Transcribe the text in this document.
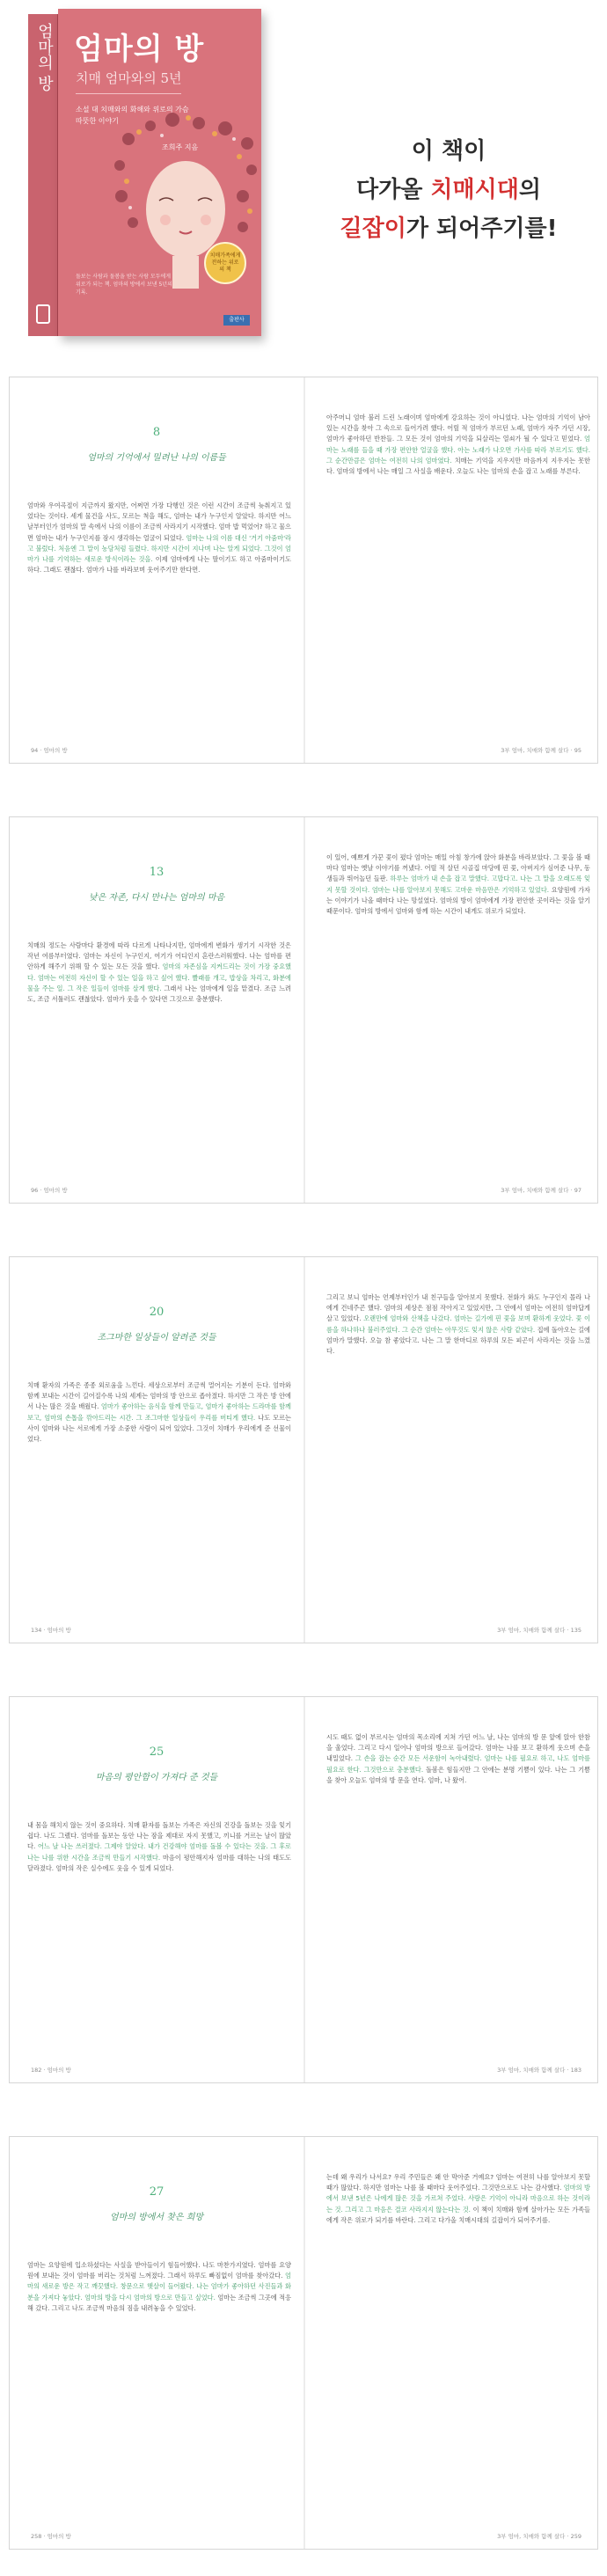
엄마의 방 엄마의 방
치매 엄마와의 5년
소설 대 치매와의 화해와 위로의 가슴 따뜻한 이야기
조희주 지음
돌보는 사람과 돌봄을 받는 사람 모두에게 위로가 되는 책. 엄마의 방에서 보낸 5년의 기록.
치매가족에게 전하는 위로의 책
출판사
이 책이
다가올 치매시대의
길잡이가 되어주기를!
8
엄마의 기억에서 밀려난 나의 이름들
엄마와 우여곡절이 지금까지 왔지만, 어쩌면 가장 다행인 것은 이런 시간이 조금씩 늦춰지고 있었다는 것이다. 세게 물건을 사도, 모르는 척을 해도, 엄마는 내가 누구인지 알았다. 하지만 어느 날부터인가 엄마의 말 속에서 나의 이름이 조금씩 사라지기 시작했다. 엄마 밥 먹었어? 하고 물으면 엄마는 내가 누구인지를 잠시 생각하는 얼굴이 되었다. 엄마는 나의 이름 대신 '거기 아줌마'라고 불렀다. 처음엔 그 말이 농담처럼 들렸다. 하지만 시간이 지나며 나는 알게 되었다. 그것이 엄마가 나를 기억하는 새로운 방식이라는 것을. 이제 엄마에게 나는 딸이기도 하고 아줌마이기도 하다. 그래도 괜찮다. 엄마가 나를 바라보며 웃어주기만 한다면.
94 · 엄마의 방
아주머니 엄마 불러 드린 노래이며 엄마에게 강요하는 것이 아니었다. 나는 엄마의 기억이 남아 있는 시간을 찾아 그 속으로 들어가려 했다. 어릴 적 엄마가 부르던 노래, 엄마가 자주 가던 시장, 엄마가 좋아하던 반찬들. 그 모든 것이 엄마의 기억을 되살리는 열쇠가 될 수 있다고 믿었다. 엄마는 노래를 들을 때 가장 편안한 얼굴을 했다. 아는 노래가 나오면 가사를 따라 부르기도 했다. 그 순간만큼은 엄마는 여전히 나의 엄마였다. 치매는 기억을 지우지만 마음까지 지우지는 못한다. 엄마의 방에서 나는 매일 그 사실을 배운다. 오늘도 나는 엄마의 손을 잡고 노래를 부른다.
3부 엄마, 치매와 함께 살다 · 95
13
낮은 자존, 다시 만나는 엄마의 마음
치매의 정도는 사람마다 환경에 따라 다르게 나타나지만, 엄마에게 변화가 생기기 시작한 것은 작년 여름부터였다. 엄마는 자신이 누구인지, 여기가 어디인지 혼란스러워했다. 나는 엄마를 편안하게 해주기 위해 할 수 있는 모든 것을 했다. 엄마의 자존심을 지켜드리는 것이 가장 중요했다. 엄마는 여전히 자신이 할 수 있는 일을 하고 싶어 했다. 빨래를 개고, 밥상을 차리고, 화분에 물을 주는 일. 그 작은 일들이 엄마를 살게 했다. 그래서 나는 엄마에게 일을 맡겼다. 조금 느려도, 조금 서툴러도 괜찮았다. 엄마가 웃을 수 있다면 그것으로 충분했다.
96 · 엄마의 방
이 있어, 예쁘게 가꾼 꽃이 폈다 엄마는 매일 아침 창가에 앉아 화분을 바라보았다. 그 꽃을 볼 때마다 엄마는 옛날 이야기를 꺼냈다. 어릴 적 살던 시골집 마당에 핀 꽃, 아버지가 심어준 나무, 동생들과 뛰어놀던 들판. 하루는 엄마가 내 손을 잡고 말했다. 고맙다고. 나는 그 말을 오래도록 잊지 못할 것이다. 엄마는 나를 알아보지 못해도 고마운 마음만은 기억하고 있었다. 요양원에 가자는 이야기가 나올 때마다 나는 망설였다. 엄마의 방이 엄마에게 가장 편안한 곳이라는 것을 알기 때문이다. 엄마의 방에서 엄마와 함께 하는 시간이 내게도 위로가 되었다.
3부 엄마, 치매와 함께 살다 · 97
20
조그마한 일상들이 알려준 것들
치매 환자의 가족은 종종 외로움을 느낀다. 세상으로부터 조금씩 멀어지는 기분이 든다. 엄마와 함께 보내는 시간이 길어질수록 나의 세계는 엄마의 방 안으로 좁아졌다. 하지만 그 작은 방 안에서 나는 많은 것을 배웠다. 엄마가 좋아하는 음식을 함께 만들고, 엄마가 좋아하는 드라마를 함께 보고, 엄마의 손톱을 깎아드리는 시간. 그 조그마한 일상들이 우리를 버티게 했다. 나도 모르는 사이 엄마와 나는 서로에게 가장 소중한 사람이 되어 있었다. 그것이 치매가 우리에게 준 선물이었다.
134 · 엄마의 방
그리고 보니 엄마는 언제부터인가 내 친구들을 알아보지 못했다. 전화가 와도 누구인지 몰라 나에게 건네주곤 했다. 엄마의 세상은 점점 작아지고 있었지만, 그 안에서 엄마는 여전히 엄마답게 살고 있었다. 오랜만에 엄마와 산책을 나갔다. 엄마는 길가에 핀 꽃을 보며 환하게 웃었다. 꽃 이름을 하나하나 불러주었다. 그 순간 엄마는 아무것도 잊지 않은 사람 같았다. 집에 돌아오는 길에 엄마가 말했다. 오늘 참 좋았다고. 나는 그 말 한마디로 하루의 모든 피곤이 사라지는 것을 느꼈다.
3부 엄마, 치매와 함께 살다 · 135
25
마음의 평안함이 가져다 준 것들
내 몸을 해치지 않는 것이 중요하다. 치매 환자를 돌보는 가족은 자신의 건강을 돌보는 것을 잊기 쉽다. 나도 그랬다. 엄마를 돌보는 동안 나는 잠을 제대로 자지 못했고, 끼니를 거르는 날이 많았다. 어느 날 나는 쓰러졌다. 그제야 알았다. 내가 건강해야 엄마를 돌볼 수 있다는 것을. 그 후로 나는 나를 위한 시간을 조금씩 만들기 시작했다. 마음이 평안해지자 엄마를 대하는 나의 태도도 달라졌다. 엄마의 작은 실수에도 웃을 수 있게 되었다.
182 · 엄마의 방
시도 때도 없이 부르시는 엄마의 목소리에 지쳐 가던 어느 날, 나는 엄마의 방 문 앞에 앉아 한참을 울었다. 그리고 다시 일어나 엄마의 방으로 들어갔다. 엄마는 나를 보고 환하게 웃으며 손을 내밀었다. 그 손을 잡는 순간 모든 서운함이 녹아내렸다. 엄마는 나를 필요로 하고, 나도 엄마를 필요로 한다. 그것만으로 충분했다. 돌봄은 힘들지만 그 안에는 분명 기쁨이 있다. 나는 그 기쁨을 찾아 오늘도 엄마의 방 문을 연다. 엄마, 나 왔어.
3부 엄마, 치매와 함께 살다 · 183
27
엄마의 방에서 찾은 희망
엄마는 요양원에 입소하셨다는 사실을 받아들이기 힘들어했다. 나도 마찬가지였다. 엄마를 요양원에 보내는 것이 엄마를 버리는 것처럼 느껴졌다. 그래서 하루도 빠짐없이 엄마를 찾아갔다. 엄마의 새로운 방은 작고 깨끗했다. 창문으로 햇살이 들어왔다. 나는 엄마가 좋아하던 사진들과 화분을 가져다 놓았다. 엄마의 방을 다시 엄마의 방으로 만들고 싶었다. 엄마는 조금씩 그곳에 적응해 갔다. 그리고 나도 조금씩 마음의 짐을 내려놓을 수 있었다.
258 · 엄마의 방
는데 왜 우리가 나서요? 우리 주민들은 왜 안 막아준 거예요? 엄마는 여전히 나를 알아보지 못할 때가 많았다. 하지만 엄마는 나를 볼 때마다 웃어주었다. 그것만으로도 나는 감사했다. 엄마의 방에서 보낸 5년은 나에게 많은 것을 가르쳐 주었다. 사랑은 기억이 아니라 마음으로 하는 것이라는 것. 그리고 그 마음은 결코 사라지지 않는다는 것. 이 책이 치매와 함께 살아가는 모든 가족들에게 작은 위로가 되기를 바란다. 그리고 다가올 치매시대의 길잡이가 되어주기를.
3부 엄마, 치매와 함께 살다 · 259
